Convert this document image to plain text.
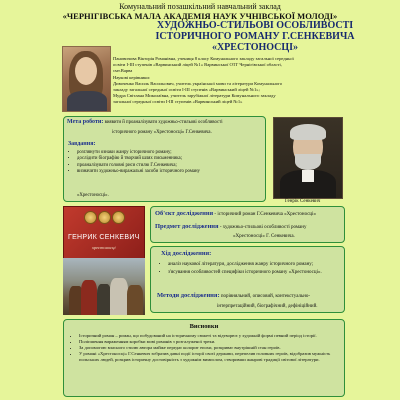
Комунальний позашкільний навчальний заклад
«ЧЕРНІГІВСЬКА МАЛА АКАДЕМІЯ НАУК УЧНІВСЬКОЇ МОЛОДІ»
ХУДОЖНЬО-СТИЛЬОВІ ОСОБЛИВОСТІ
ІСТОРИЧНОГО РОМАНУ Г.СЕНКЕВИЧА
«ХРЕСТОНОСЦІ»

Пановичова Вікторія Романівна, учениця 8 класу Комунального закладу загальної середньої

освіти І-ІІІ ступенів «Варвинський ліцей №1» Варвинської ОТГ Чернігівської області,

смт.Варва

Наукові керівники:

Дивоченко Василь Васильович, учитель української мови та літератури Комунального

закладу загальної середньої освіти І-ІІІ ступенів «Варвинський ліцей №1»;

Мудра Світлана Миколаївна, учитель зарубіжної літератури Комунального закладу

загальної середньої освіти І-ІІІ ступенів «Варвинський ліцей №1»

Мета роботи: виявити й проаналізувати художньо-стильові особливості
історичного роману «Хрестоносці» Г.Сенкевича.
Завдання:
• розглянути ознаки жанру історичного роману;
• дослідити біографію й творчий шлях письменника;
• проаналізувати головні риси стилю Г.Сенкевича;
• визначити художньо-виражальні засоби історичного роману
«Хрестоносці».
Генрік Сенкевич
ГЕНРИК СЕНКЕВИЧ
хрестоносці
Об'єкт дослідження - історичний роман Г.Сенкевича «Хрестоносці»
Предмет дослідження - художньо-стильові особливості роману
«Хрестоносці» Г. Сенкевича.
Хід дослідження:
• аналіз наукової літератури, дослідження жанру історичного роману;
• з'ясування особливостей специфіки історичного роману «Хрестоносці».
Методи дослідження: порівняльний, описовий, контекстуально-
інтерпретаційний, біографічний, дефініційний.
Висновки
• Історичний роман – роман, що побудований на історичному сюжеті та відтворює у художній формі певний період історії.
• Поліпшення вираженням коробки мові романів з розгалуженої треки.
• За допомогою власного стилю автора майже передає колорит епохи, розкриває внутрішній стан героїв.
• У романі «Хрестоносці» Г.Сенкевич зобразив давні події історії своєї держави, перепелив головних героїв, відобразив мужність польських людей, розкрив історичну достовірність з художнім вимислом, створивши жанрові традиції світової літератури.
